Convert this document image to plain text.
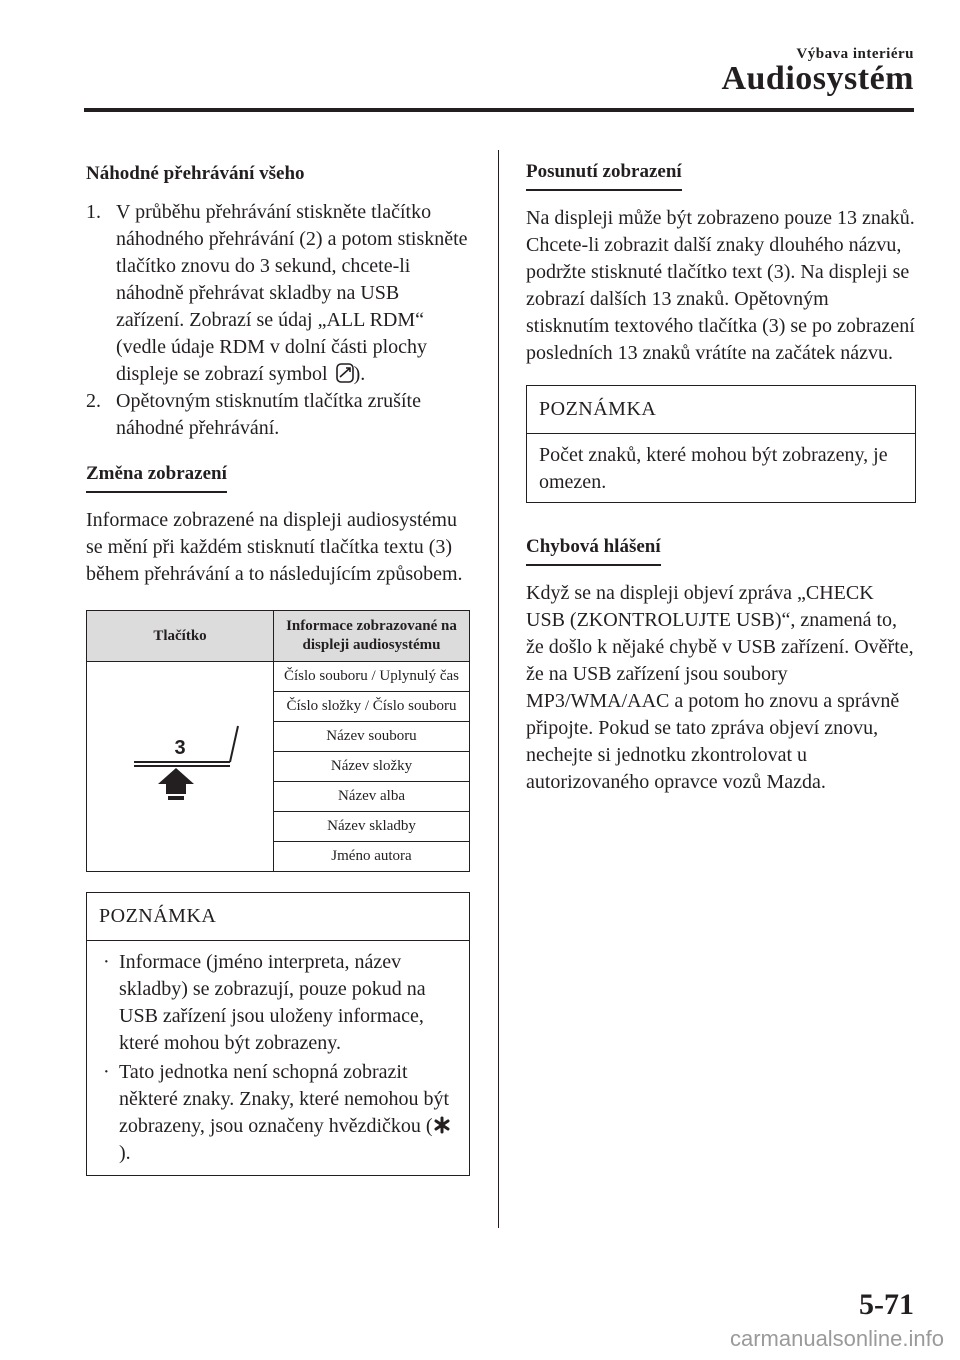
Výbava interiéru
Audiosystém
Náhodné přehrávání všeho
1. V průběhu přehrávání stiskněte tlačítko náhodného přehrávání (2) a potom stiskněte tlačítko znovu do 3 sekund, chcete-li náhodně přehrávat skladby na USB zařízení. Zobrazí se údaj „ALL RDM“ (vedle údaje RDM v dolní části plochy displeje se zobrazí symbol ).
2. Opětovným stisknutím tlačítka zrušíte náhodné přehrávání.
Změna zobrazení

Informace zobrazené na displeji audiosystému se mění při každém stisknutí tlačítka textu (3) během přehrávání a to následujícím způsobem.

Tlačítko	Informace zobrazované na displeji audiosystému

3	Číslo souboru / Uplynulý čas
	Číslo složky / Číslo souboru
	Název souboru
	Název složky
	Název alba
	Název skladby
	Jméno autora
POZNÁMKA
· Informace (jméno interpreta, název skladby) se zobrazují, pouze pokud na USB zařízení jsou uloženy informace, které mohou být zobrazeny.
· Tato jednotka není schopná zobrazit některé znaky. Znaky, které nemohou být zobrazeny, jsou označeny hvězdičkou ().
Posunutí zobrazení

Na displeji může být zobrazeno pouze 13 znaků. Chcete-li zobrazit další znaky dlouhého názvu, podržte stisknuté tlačítko text (3). Na displeji se zobrazí dalších 13 znaků. Opětovným stisknutím textového tlačítka (3) se po zobrazení posledních 13 znaků vrátíte na začátek názvu.

POZNÁMKA
Počet znaků, které mohou být zobrazeny, je omezen.
Chybová hlášení

Když se na displeji objeví zpráva „CHECK USB (ZKONTROLUJTE USB)“, znamená to, že došlo k nějaké chybě v USB zařízení. Ověřte, že na USB zařízení jsou soubory MP3/WMA/AAC a potom ho znovu a správně připojte. Pokud se tato zpráva objeví znovu, nechejte si jednotku zkontrolovat u autorizovaného opravce vozů Mazda.

5-71
carmanualsonline.info
